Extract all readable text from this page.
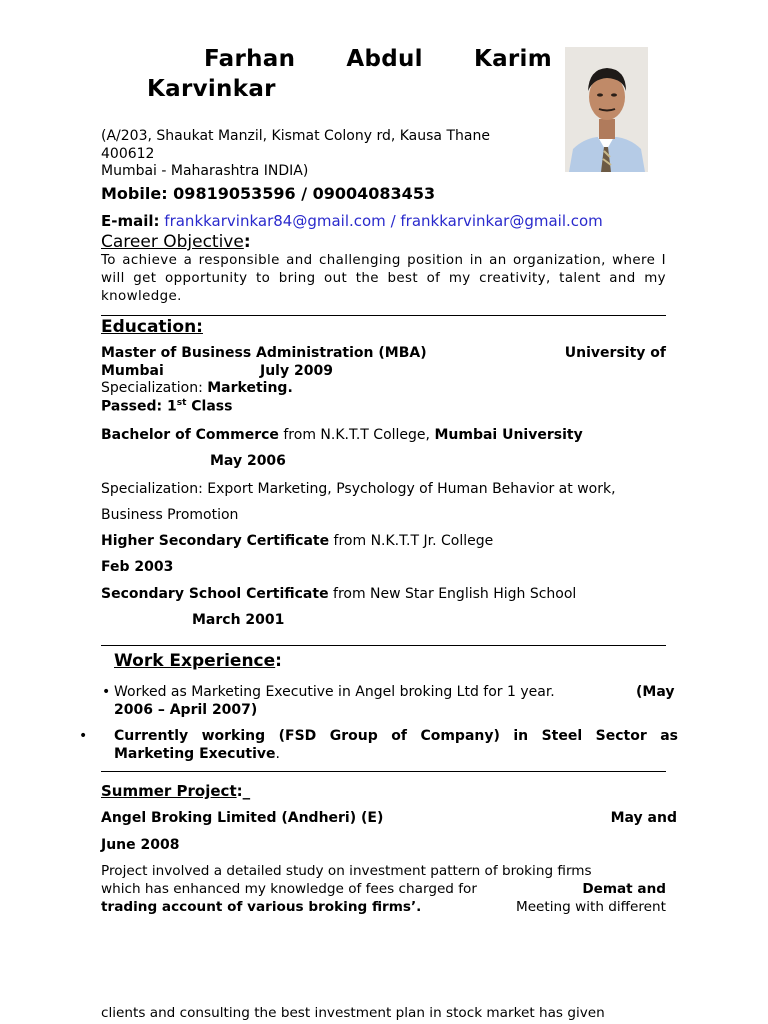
Farhan Abdul Karim
Karvinkar
(A/203, Shaukat Manzil, Kismat Colony rd, Kausa Thane
400612
Mumbai - Maharashtra INDIA)
Mobile: 09819053596 / 09004083453
E-mail: frankkarvinkar84@gmail.com / frankkarvinkar@gmail.com
Career Objective:
To achieve a responsible and challenging position in an organization, where I will get opportunity to bring out the best of my creativity, talent and my knowledge.
Education:
Master of Business Administration (MBA)	University of
Mumbai	July 2009
Specialization: Marketing.
Passed: 1st Class
Bachelor of Commerce from N.K.T.T College, Mumbai University
May 2006
Specialization: Export Marketing, Psychology of Human Behavior at work,
Business Promotion
Higher Secondary Certificate from N.K.T.T Jr. College
Feb 2003
Secondary School Certificate from New Star English High School
March 2001
Work Experience:
• Worked as Marketing Executive in Angel broking Ltd for 1 year.	(May
2006 – April 2007)
• Currently working (FSD Group of Company) in Steel Sector as
Marketing Executive.
Summer Project:_
Angel Broking Limited (Andheri) (E)	May and
June 2008
Project involved a detailed study on investment pattern of broking firms
which has enhanced my knowledge of fees charged for	Demat and
trading account of various broking firms’.	Meeting with different
clients and consulting the best investment plan in stock market has given
